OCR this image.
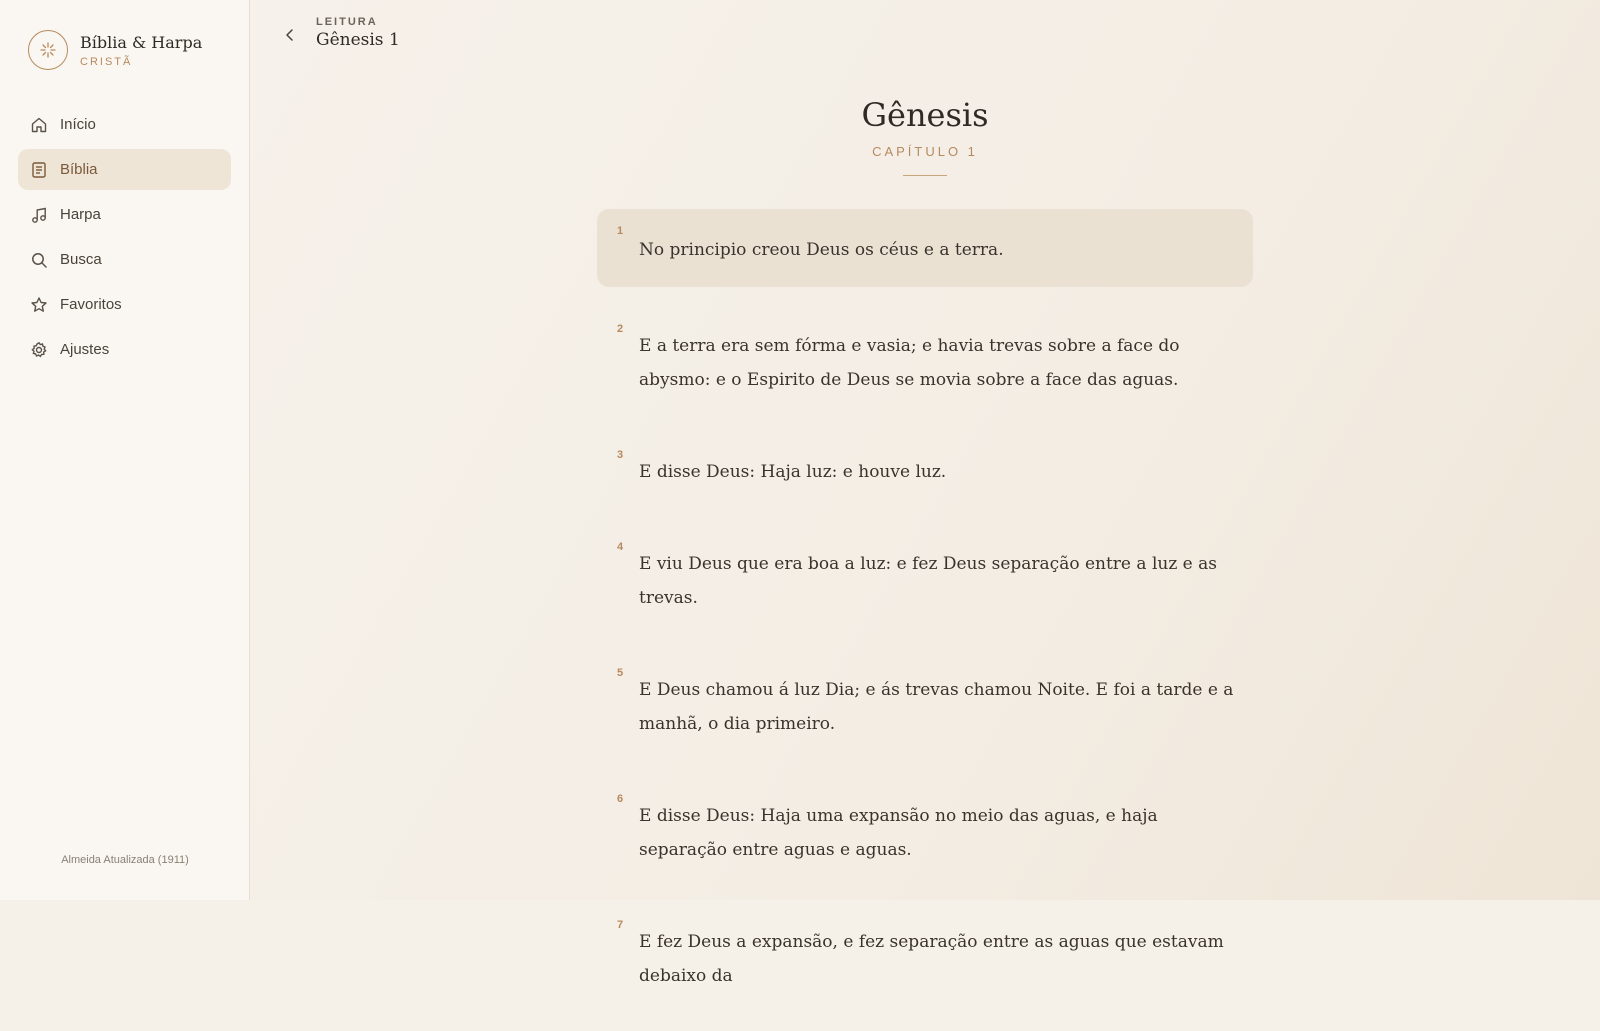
Bíblia & Harpa
CRISTÃ
Início
Bíblia
Harpa
Busca
Favoritos
Ajustes
Almeida Atualizada (1911)
LEITURA
Gênesis 1
Gênesis
CAPÍTULO 1
1
No principio creou Deus os céus e a terra.
2
E a terra era sem fórma e vasia; e havia trevas sobre a face do abysmo: e o Espirito de Deus se movia sobre a face das aguas.
3
E disse Deus: Haja luz: e houve luz.
4
E viu Deus que era boa a luz: e fez Deus separação entre a luz e as trevas.
5
E Deus chamou á luz Dia; e ás trevas chamou Noite. E foi a tarde e a manhã, o dia primeiro.
6
E disse Deus: Haja uma expansão no meio das aguas, e haja separação entre aguas e aguas.
7
E fez Deus a expansão, e fez separação entre as aguas que estavam debaixo da
